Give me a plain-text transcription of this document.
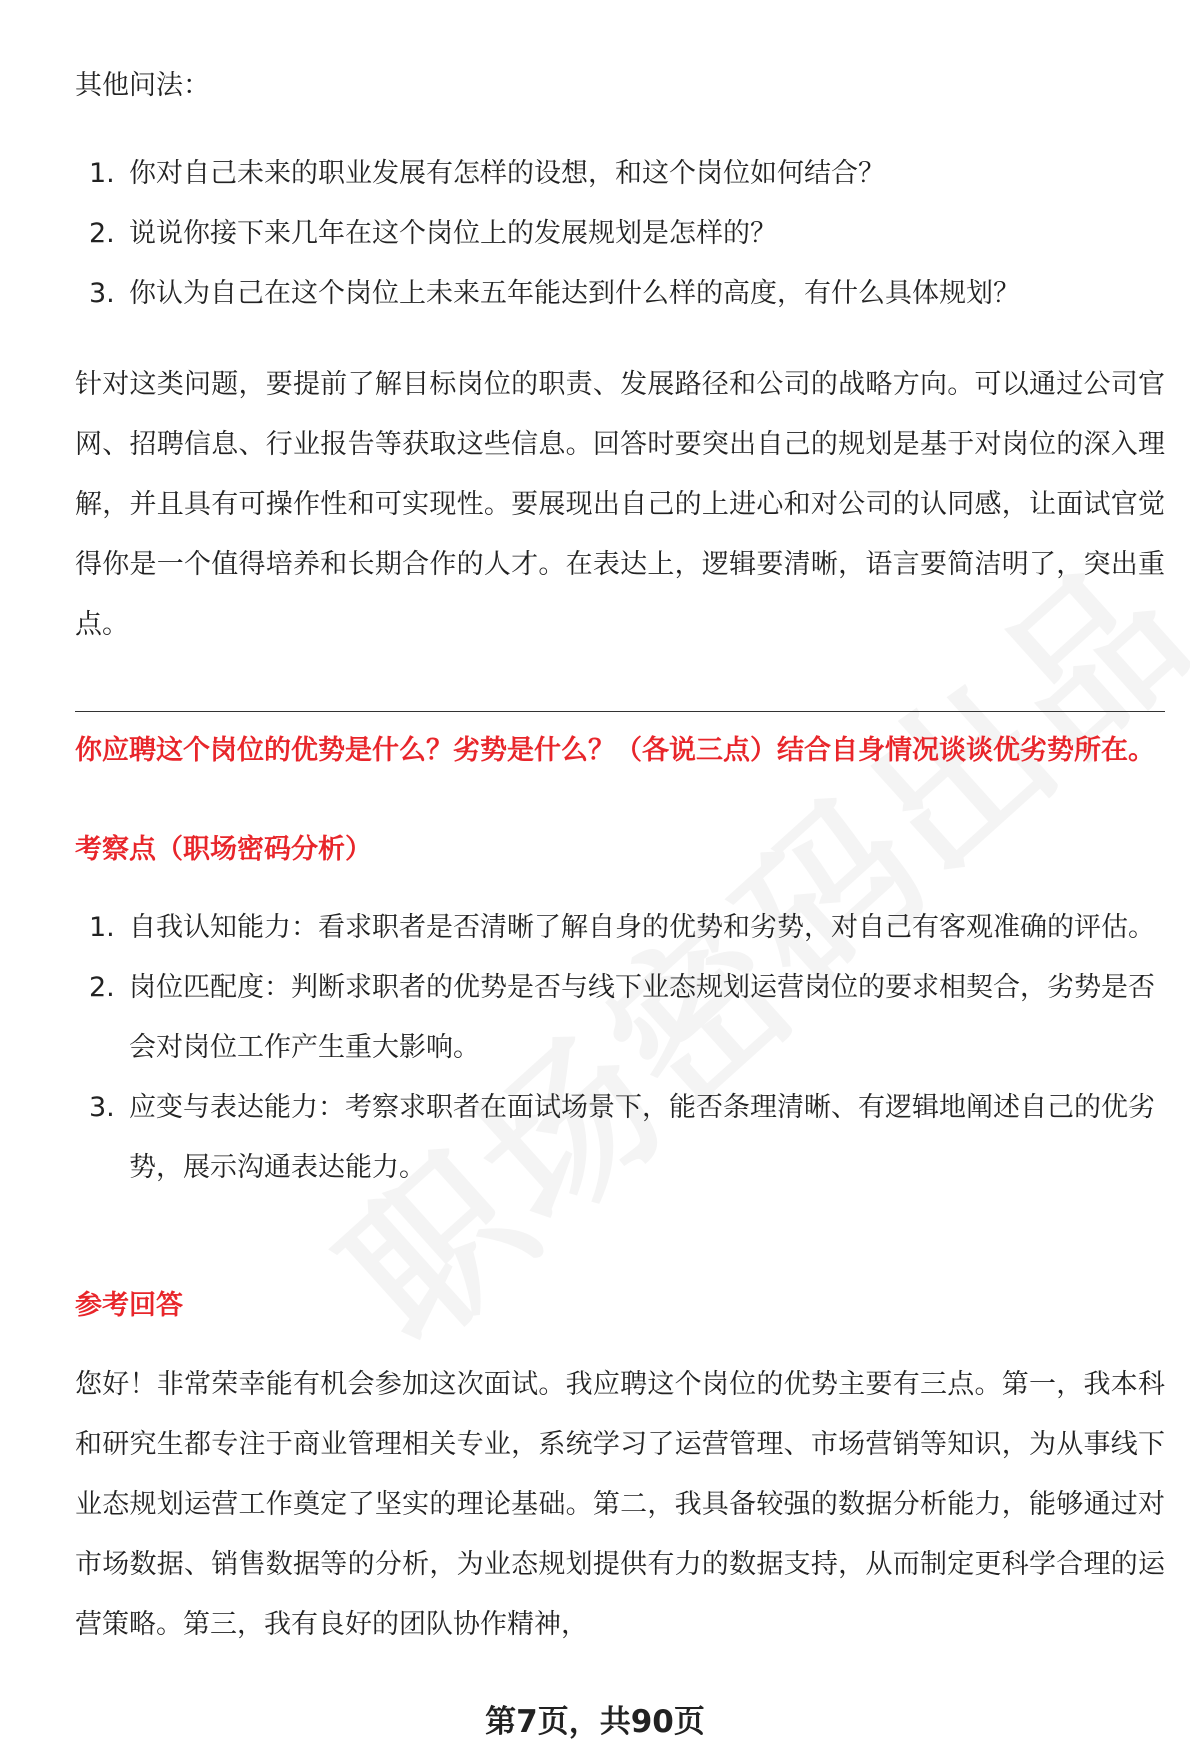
其他问法：

1. 你对自己未来的职业发展有怎样的设想，和这个岗位如何结合？
2. 说说你接下来几年在这个岗位上的发展规划是怎样的？
3. 你认为自己在这个岗位上未来五年能达到什么样的高度，有什么具体规划？

针对这类问题，要提前了解目标岗位的职责、发展路径和公司的战略方向。可以通过公司官网、招聘信息、行业报告等获取这些信息。回答时要突出自己的规划是基于对岗位的深入理解，并且具有可操作性和可实现性。要展现出自己的上进心和对公司的认同感，让面试官觉得你是一个值得培养和长期合作的人才。在表达上，逻辑要清晰，语言要简洁明了，突出重点。

你应聘这个岗位的优势是什么？劣势是什么？（各说三点）结合自身情况谈谈优劣势所在。
考察点（职场密码分析）
1. 自我认知能力：看求职者是否清晰了解自身的优势和劣势，对自己有客观准确的评估。
2. 岗位匹配度：判断求职者的优势是否与线下业态规划运营岗位的要求相契合，劣势是否会对岗位工作产生重大影响。
3. 应变与表达能力：考察求职者在面试场景下，能否条理清晰、有逻辑地阐述自己的优劣势，展示沟通表达能力。
参考回答

您好！非常荣幸能有机会参加这次面试。我应聘这个岗位的优势主要有三点。第一，我本科和研究生都专注于商业管理相关专业，系统学习了运营管理、市场营销等知识，为从事线下业态规划运营工作奠定了坚实的理论基础。第二，我具备较强的数据分析能力，能够通过对市场数据、销售数据等的分析，为业态规划提供有力的数据支持，从而制定更科学合理的运营策略。第三，我有良好的团队协作精神，

第7页，共90页
